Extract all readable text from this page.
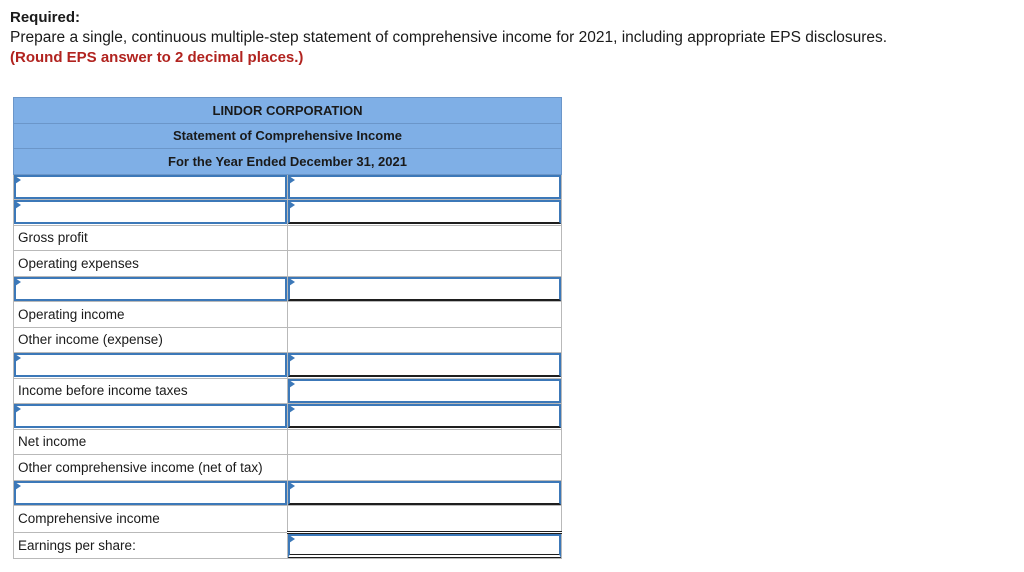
Required:
Prepare a single, continuous multiple-step statement of comprehensive income for 2021, including appropriate EPS disclosures.
(Round EPS answer to 2 decimal places.)
LINDOR CORPORATION	
Statement of Comprehensive Income	
For the Year Ended December 31, 2021	

Gross profit	
Operating expenses	

Operating income	
Other income (expense)	

Income before income taxes	

Net income	
Other comprehensive income (net of tax)	

Comprehensive income	
Earnings per share:	
